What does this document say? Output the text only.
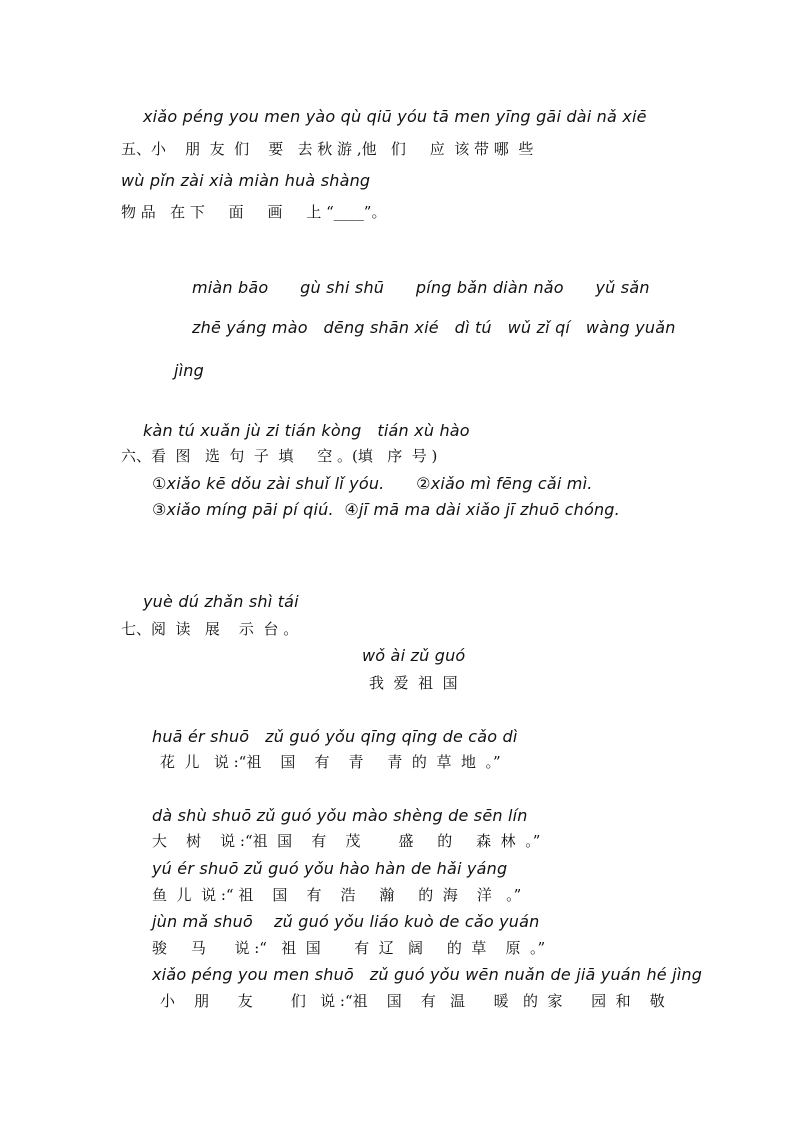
xiǎo péng you men yào qù qiū yóu tā men yīng gāi dài nǎ xiē
五、小    朋  友  们    要   去 秋 游 ,他   们     应  该 带 哪  些
wù pǐn zài xià miàn huà shàng
物 品   在 下     面     画     上 “____”。
miàn bāo      gù shi shū      píng bǎn diàn nǎo      yǔ sǎn
zhē yáng mào   dēng shān xié   dì tú   wǔ zǐ qí   wàng yuǎn
jìng
kàn tú xuǎn jù zi tián kòng   tián xù hào
六、看  图   选  句  子  填     空 。(填   序  号 )
①xiǎo kē dǒu zài shuǐ lǐ yóu.      ②xiǎo mì fēng cǎi mì.
③xiǎo míng pāi pí qiú.  ④jī mā ma dài xiǎo jī zhuō chóng.
yuè dú zhǎn shì tái
七、阅  读   展    示  台 。
wǒ ài zǔ guó
我  爱  祖  国
huā ér shuō   zǔ guó yǒu qīng qīng de cǎo dì
花  儿   说 :“祖    国    有    青     青  的  草  地  。”
dà shù shuō zǔ guó yǒu mào shèng de sēn lín
大    树    说 :“祖  国    有    茂        盛     的     森  林  。”
yú ér shuō zǔ guó yǒu hào hàn de hǎi yáng
鱼  儿  说 :“ 祖    国    有    浩     瀚     的  海    洋   。”
jùn mǎ shuō    zǔ guó yǒu liáo kuò de cǎo yuán
骏     马      说 :“   祖  国       有  辽   阔     的  草    原  。”
xiǎo péng you men shuō   zǔ guó yǒu wēn nuǎn de jiā yuán hé jìng
小    朋      友        们   说 :“祖    国    有   温      暖   的  家      园  和    敬
